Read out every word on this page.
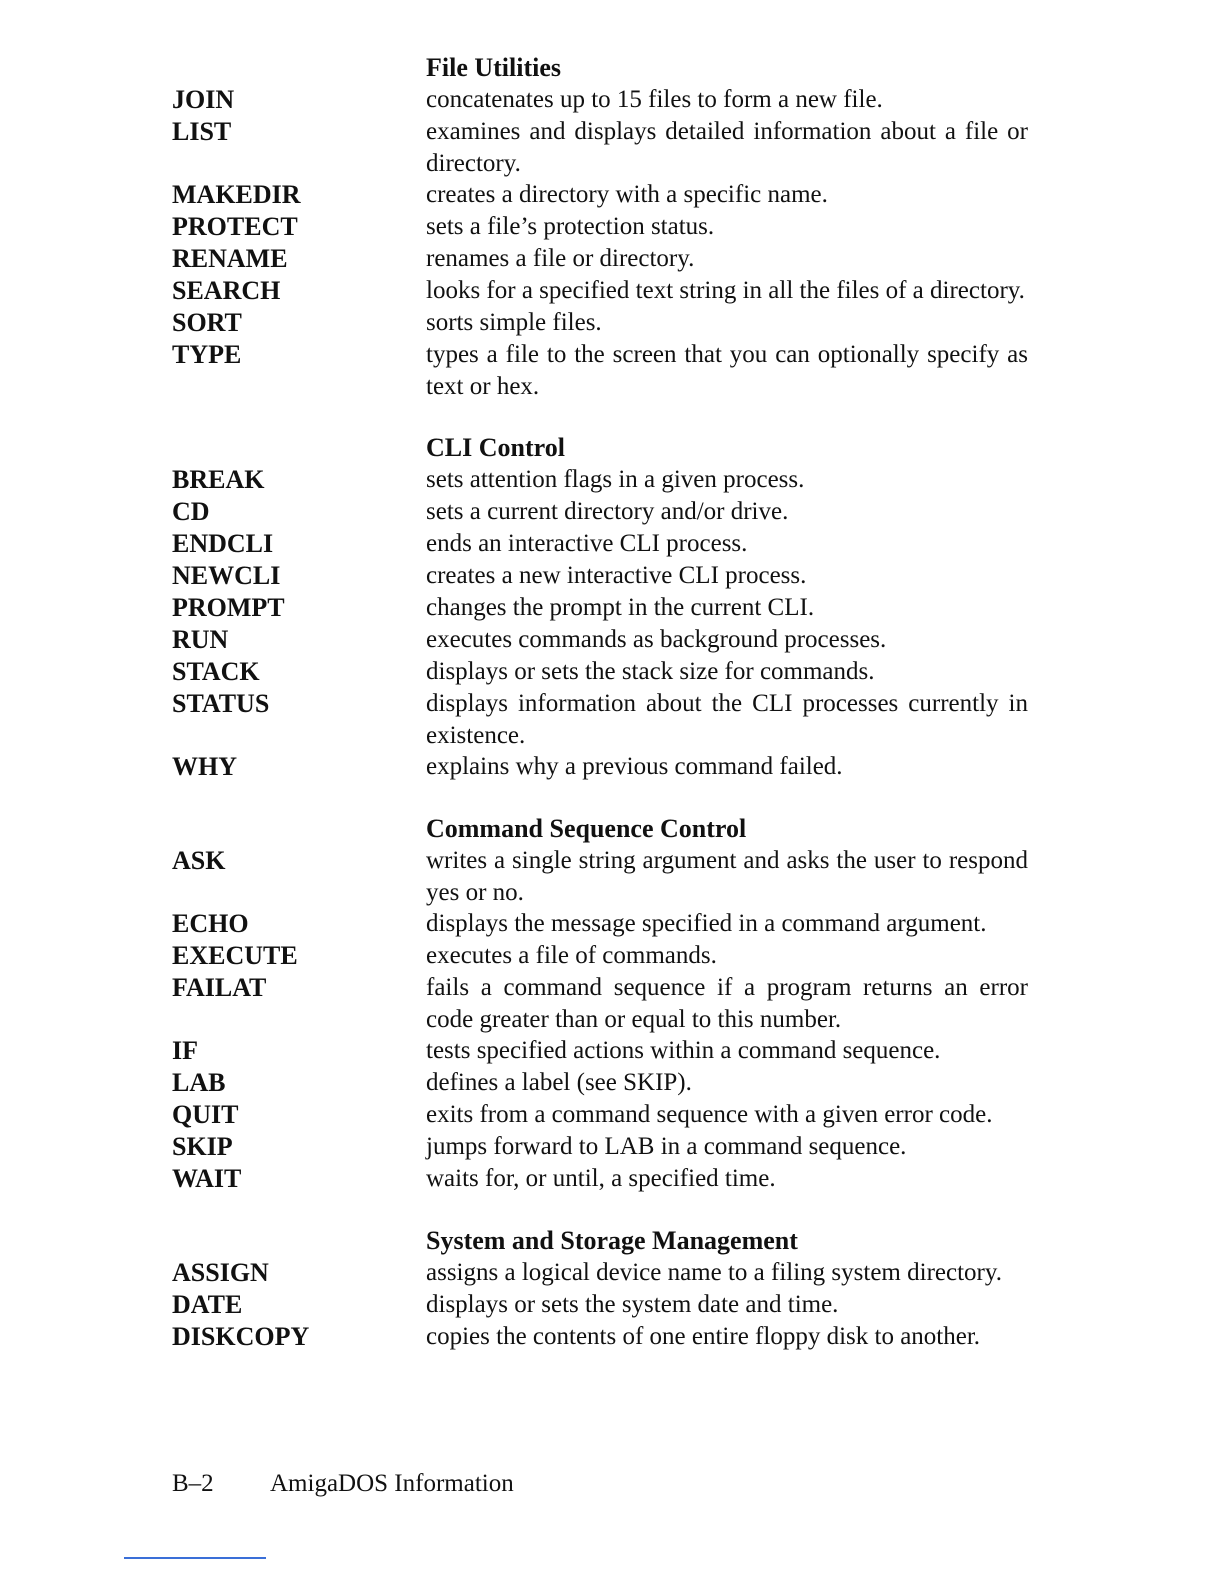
File Utilities
JOIN	concatenates up to 15 files to form a new file.
LIST	examines and displays detailed information about a file or directory.
MAKEDIR	creates a directory with a specific name.
PROTECT	sets a file’s protection status.
RENAME	renames a file or directory.
SEARCH	looks for a specified text string in all the files of a directory.
SORT	sorts simple files.
TYPE	types a file to the screen that you can optionally specify as text or hex.
CLI Control
BREAK	sets attention flags in a given process.
CD	sets a current directory and/or drive.
ENDCLI	ends an interactive CLI process.
NEWCLI	creates a new interactive CLI process.
PROMPT	changes the prompt in the current CLI.
RUN	executes commands as background processes.
STACK	displays or sets the stack size for commands.
STATUS	displays information about the CLI processes currently in existence.
WHY	explains why a previous command failed.
Command Sequence Control
ASK	writes a single string argument and asks the user to respond yes or no.
ECHO	displays the message specified in a command argument.
EXECUTE	executes a file of commands.
FAILAT	fails a command sequence if a program returns an error code greater than or equal to this number.
IF	tests specified actions within a command sequence.
LAB	defines a label (see SKIP).
QUIT	exits from a command sequence with a given error code.
SKIP	jumps forward to LAB in a command sequence.
WAIT	waits for, or until, a specified time.
System and Storage Management
ASSIGN	assigns a logical device name to a filing system directory.
DATE	displays or sets the system date and time.
DISKCOPY	copies the contents of one entire floppy disk to another.
B–2 AmigaDOS Information
